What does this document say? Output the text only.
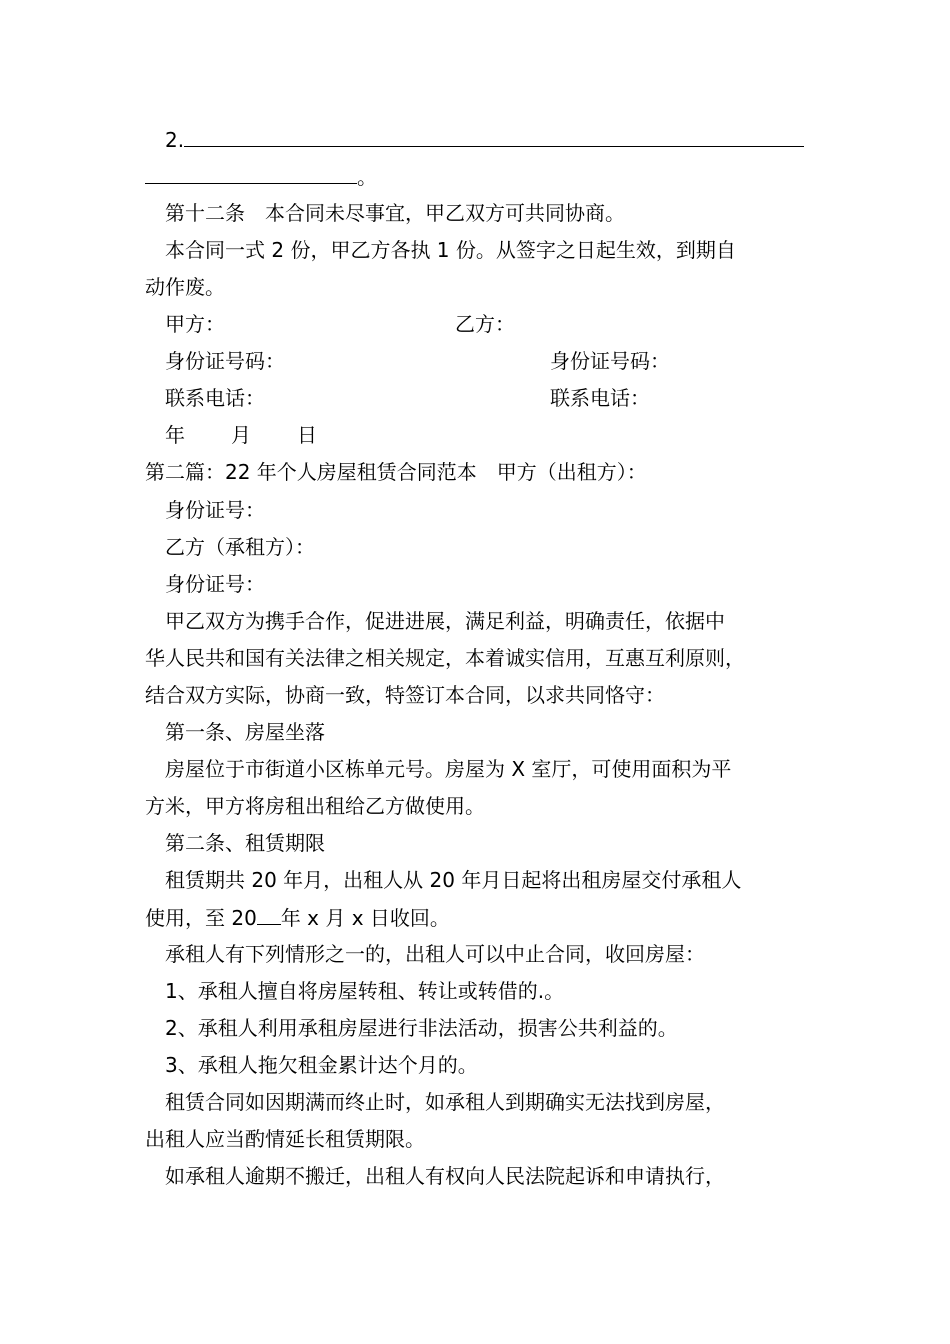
2.
。
第十二条　本合同未尽事宜，甲乙双方可共同协商。
本合同一式 2 份，甲乙方各执 1 份。从签字之日起生效，到期自
动作废。
甲方：	乙方：
身份证号码：	身份证号码：
联系电话：	联系电话：
年 月 日
第二篇：22 年个人房屋租赁合同范本　甲方（出租方）：
身份证号：
乙方（承租方）：
身份证号：
甲乙双方为携手合作，促进进展，满足利益，明确责任，依据中
华人民共和国有关法律之相关规定，本着诚实信用，互惠互利原则，
结合双方实际，协商一致，特签订本合同，以求共同恪守：
第一条、房屋坐落
房屋位于市街道小区栋单元号。房屋为 X 室厅，可使用面积为平
方米，甲方将房租出租给乙方做使用。
第二条、租赁期限
租赁期共 20 年月，出租人从 20 年月日起将出租房屋交付承租人
使用，至 20 年 x 月 x 日收回。
承租人有下列情形之一的，出租人可以中止合同，收回房屋：
1、承租人擅自将房屋转租、转让或转借的.。
2、承租人利用承租房屋进行非法活动，损害公共利益的。
3、承租人拖欠租金累计达个月的。
租赁合同如因期满而终止时，如承租人到期确实无法找到房屋，
出租人应当酌情延长租赁期限。
如承租人逾期不搬迁，出租人有权向人民法院起诉和申请执行，
